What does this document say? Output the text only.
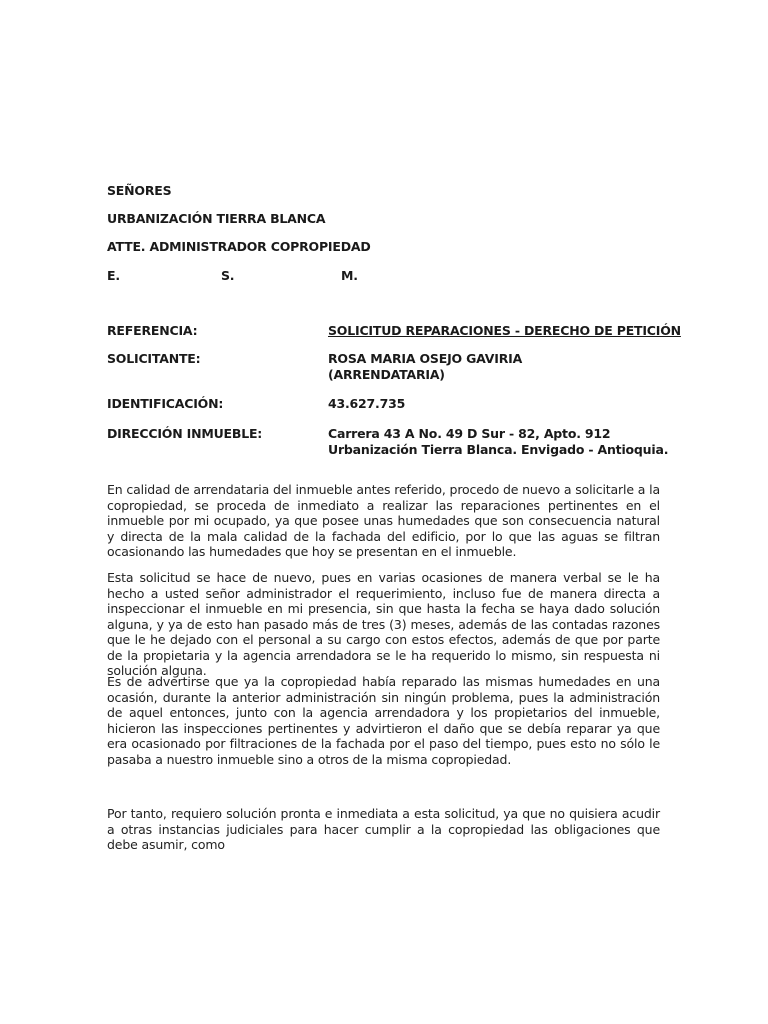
SEÑORES
URBANIZACIÓN TIERRA BLANCA
ATTE. ADMINISTRADOR COPROPIEDAD
E.	S.	M.
REFERENCIA:	SOLICITUD REPARACIONES - DERECHO DE PETICIÓN
SOLICITANTE:	ROSA MARIA OSEJO GAVIRIA
(ARRENDATARIA)
IDENTIFICACIÓN:	43.627.735
DIRECCIÓN INMUEBLE:	Carrera 43 A No. 49 D Sur - 82, Apto. 912
Urbanización Tierra Blanca. Envigado - Antioquia.

En calidad de arrendataria del inmueble antes referido, procedo de nuevo a solicitarle a la copropiedad, se proceda de inmediato a realizar las reparaciones pertinentes en el inmueble por mi ocupado, ya que posee unas humedades que son consecuencia natural y directa de la mala calidad de la fachada del edificio, por lo que las aguas se filtran ocasionando las humedades que hoy se presentan en el inmueble.

Esta solicitud se hace de nuevo, pues en varias ocasiones de manera verbal se le ha hecho a usted señor administrador el requerimiento, incluso fue de manera directa a inspeccionar el inmueble en mi presencia, sin que hasta la fecha se haya dado solución alguna, y ya de esto han pasado más de tres (3) meses, además de las contadas razones que le he dejado con el personal a su cargo con estos efectos, además de que por parte de la propietaria y la agencia arrendadora se le ha requerido lo mismo, sin respuesta ni solución alguna.

Es de advertirse que ya la copropiedad había reparado las mismas humedades en una ocasión, durante la anterior administración sin ningún problema, pues la administración de aquel entonces, junto con la agencia arrendadora y los propietarios del inmueble, hicieron las inspecciones pertinentes y advirtieron el daño que se debía reparar ya que era ocasionado por filtraciones de la fachada por el paso del tiempo, pues esto no sólo le pasaba a nuestro inmueble sino a otros de la misma copropiedad.

Por tanto, requiero solución pronta e inmediata a esta solicitud, ya que no quisiera acudir a otras instancias judiciales para hacer cumplir a la copropiedad las obligaciones que debe asumir, como
